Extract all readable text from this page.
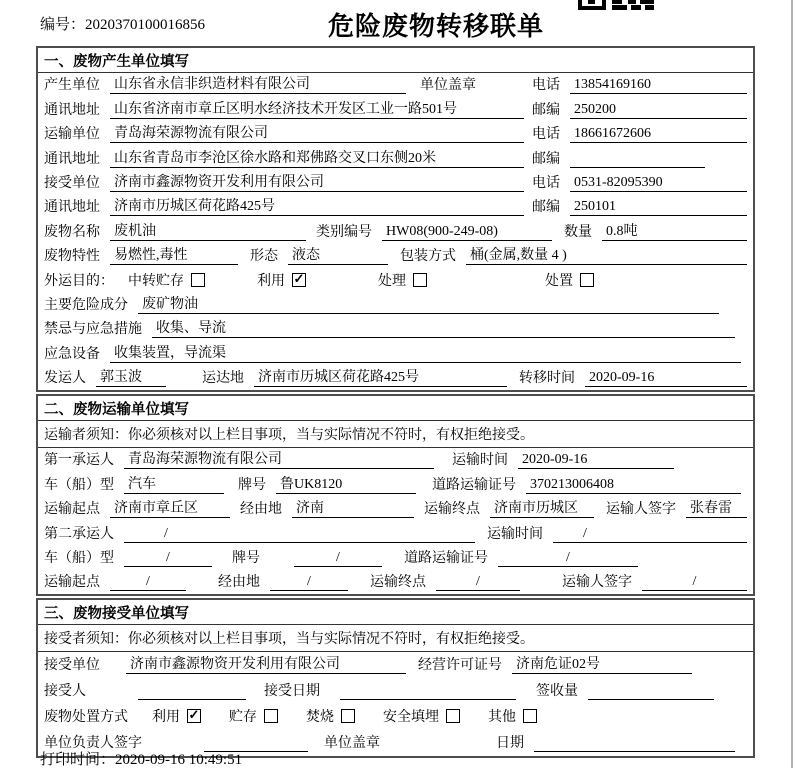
编号：2020370100016856	危险废物转移联单
一、废物产生单位填写
产生单位 山东省永信非织造材料有限公司	单位盖章	电话 13854169160
通讯地址 山东省济南市章丘区明水经济技术开发区工业一路501号	邮编 250200
运输单位 青岛海荣源物流有限公司	电话 18661672606
通讯地址 山东省青岛市李沧区徐水路和郑佛路交叉口东侧20米	邮编
接受单位 济南市鑫源物资开发利用有限公司	电话 0531-82095390
通讯地址 济南市历城区荷花路425号	邮编 250101
废物名称 废机油	类别编号 HW08(900-249-08)	数量 0.8吨
废物特性 易燃性,毒性	形态 液态	包装方式 桶(金属,数量 4 )
外运目的： 中转贮存	利用 ✓	处理	处置
主要危险成分 废矿物油
禁忌与应急措施 收集、导流
应急设备 收集装置，导流渠
发运人 郭玉波	运达地 济南市历城区荷花路425号	转移时间 2020-09-16
二、废物运输单位填写
运输者须知：你必须核对以上栏目事项，当与实际情况不符时，有权拒绝接受。
第一承运人 青岛海荣源物流有限公司	运输时间 2020-09-16
车（船）型 汽车	牌号 鲁UK8120	道路运输证号 370213006408
运输起点 济南市章丘区	经由地 济南	运输终点 济南市历城区	运输人签字 张春雷
第二承运人	/	运输时间	/
车（船）型	/	牌号	/	道路运输证号	/
运输起点	/	经由地	/	运输终点	/	运输人签字	/
三、废物接受单位填写
接受者须知：你必须核对以上栏目事项，当与实际情况不符时，有权拒绝接受。
接受单位 济南市鑫源物资开发利用有限公司	经营许可证号 济南危证02号
接受人	接受日期	签收量
废物处置方式 利用 ✓	贮存	焚烧	安全填埋	其他
单位负责人签字	单位盖章	日期
打印时间：2020-09-16 10:49:51
